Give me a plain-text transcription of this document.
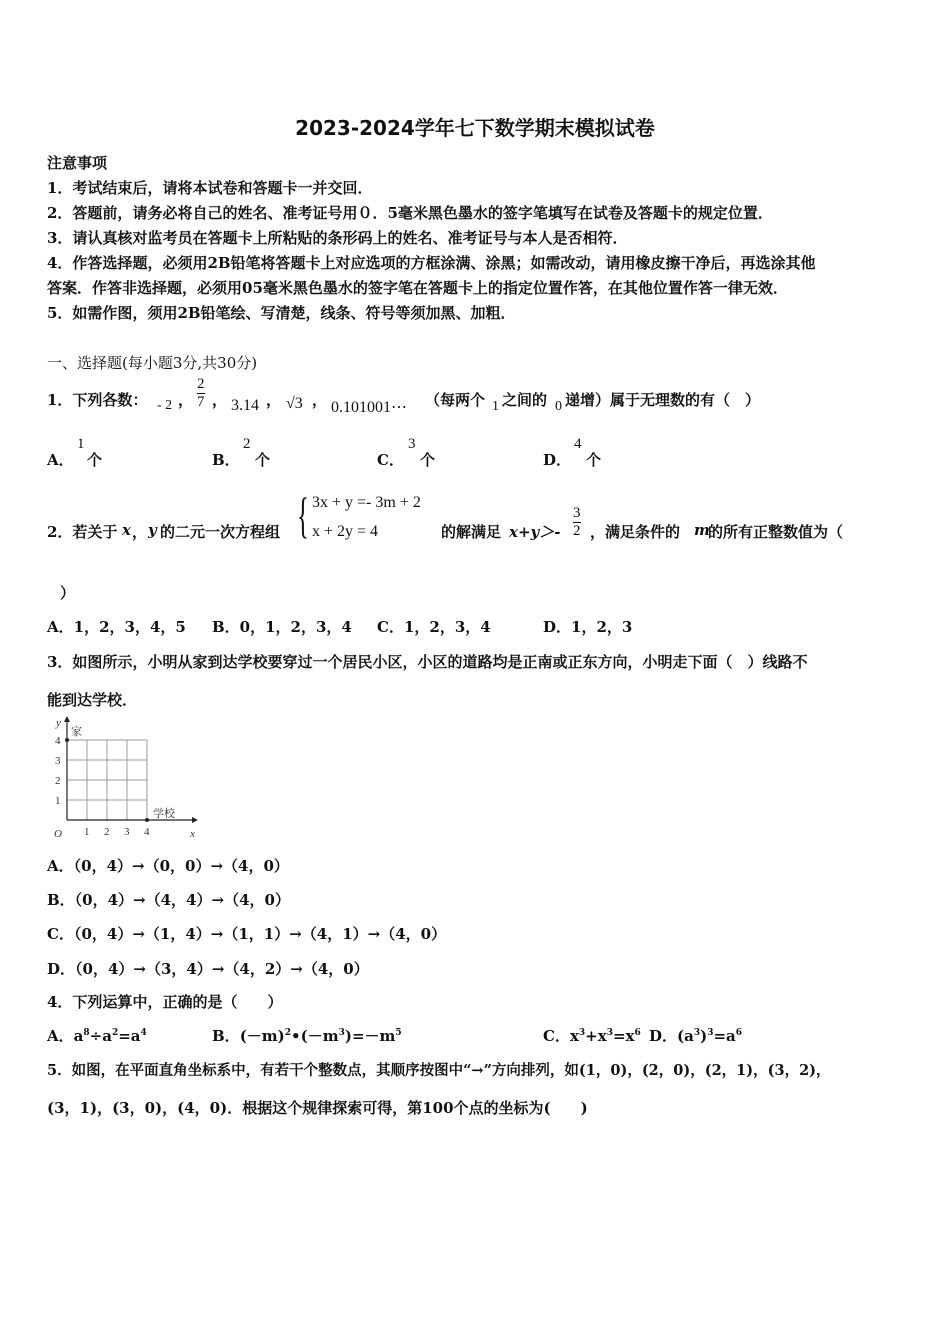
2023-2024学年七下数学期末模拟试卷
注意事项
1．考试结束后，请将本试卷和答题卡一并交回．
2．答题前，请务必将自己的姓名、准考证号用０．5毫米黑色墨水的签字笔填写在试卷及答题卡的规定位置．
3．请认真核对监考员在答题卡上所粘贴的条形码上的姓名、准考证号与本人是否相符．
4．作答选择题，必须用2B铅笔将答题卡上对应选项的方框涂满、涂黑；如需改动，请用橡皮擦干净后，再选涂其他
答案．作答非选择题，必须用05毫米黑色墨水的签字笔在答题卡上的指定位置作答，在其他位置作答一律无效．
5．如需作图，须用2B铅笔绘、写清楚，线条、符号等须加黑、加粗．
一、选择题(每小题3分,共30分)
1．下列各数： - 2 ，
2
7 ， 3.14 ， √3 ， 0.101001⋯ （每两个 1 之间的 0 递增）属于无理数的有（　）
A．
1
个	B．
2
个	C．
3
个	D．
4
个
2．若关于 x ， y 的二元一次方程组 { 3x + y =- 3m + 2
x + 2y = 4	的解满足 x+y＞-
3
2 ，满足条件的 m
的所有正整数值为（
）
A．1，2，3，4，5 B．0，1，2，3，4 C．1，2，3，4	D．1，2，3
3．如图所示，小明从家到达学校要穿过一个居民小区，小区的道路均是正南或正东方向，小明走下面（　）线路不
能到达学校．
y
x
O 1 2 3 4
1
2
3
4
家
学校
A．（0，4）→（0，0）→（4，0）
B．（0，4）→（4，4）→（4，0）
C．（0，4）→（1，4）→（1，1）→（4，1）→（4，0）
D．（0，4）→（3，4）→（4，2）→（4，0）
4．下列运算中，正确的是（　　）
A．$a^8\div a^2=a^4$	B．$(-m)^2•(-m^3)=-m^5$	C．$x^3+x^3=x^6$ D．$(a^3)^3=a^6$
5．如图，在平面直角坐标系中，有若干个整数点，其顺序按图中“→”方向排列，如(1，0)，(2，0)，(2，1)，(3，2)，
(3，1)，(3，0)，(4，0)．根据这个规律探索可得，第100个点的坐标为(　　)
